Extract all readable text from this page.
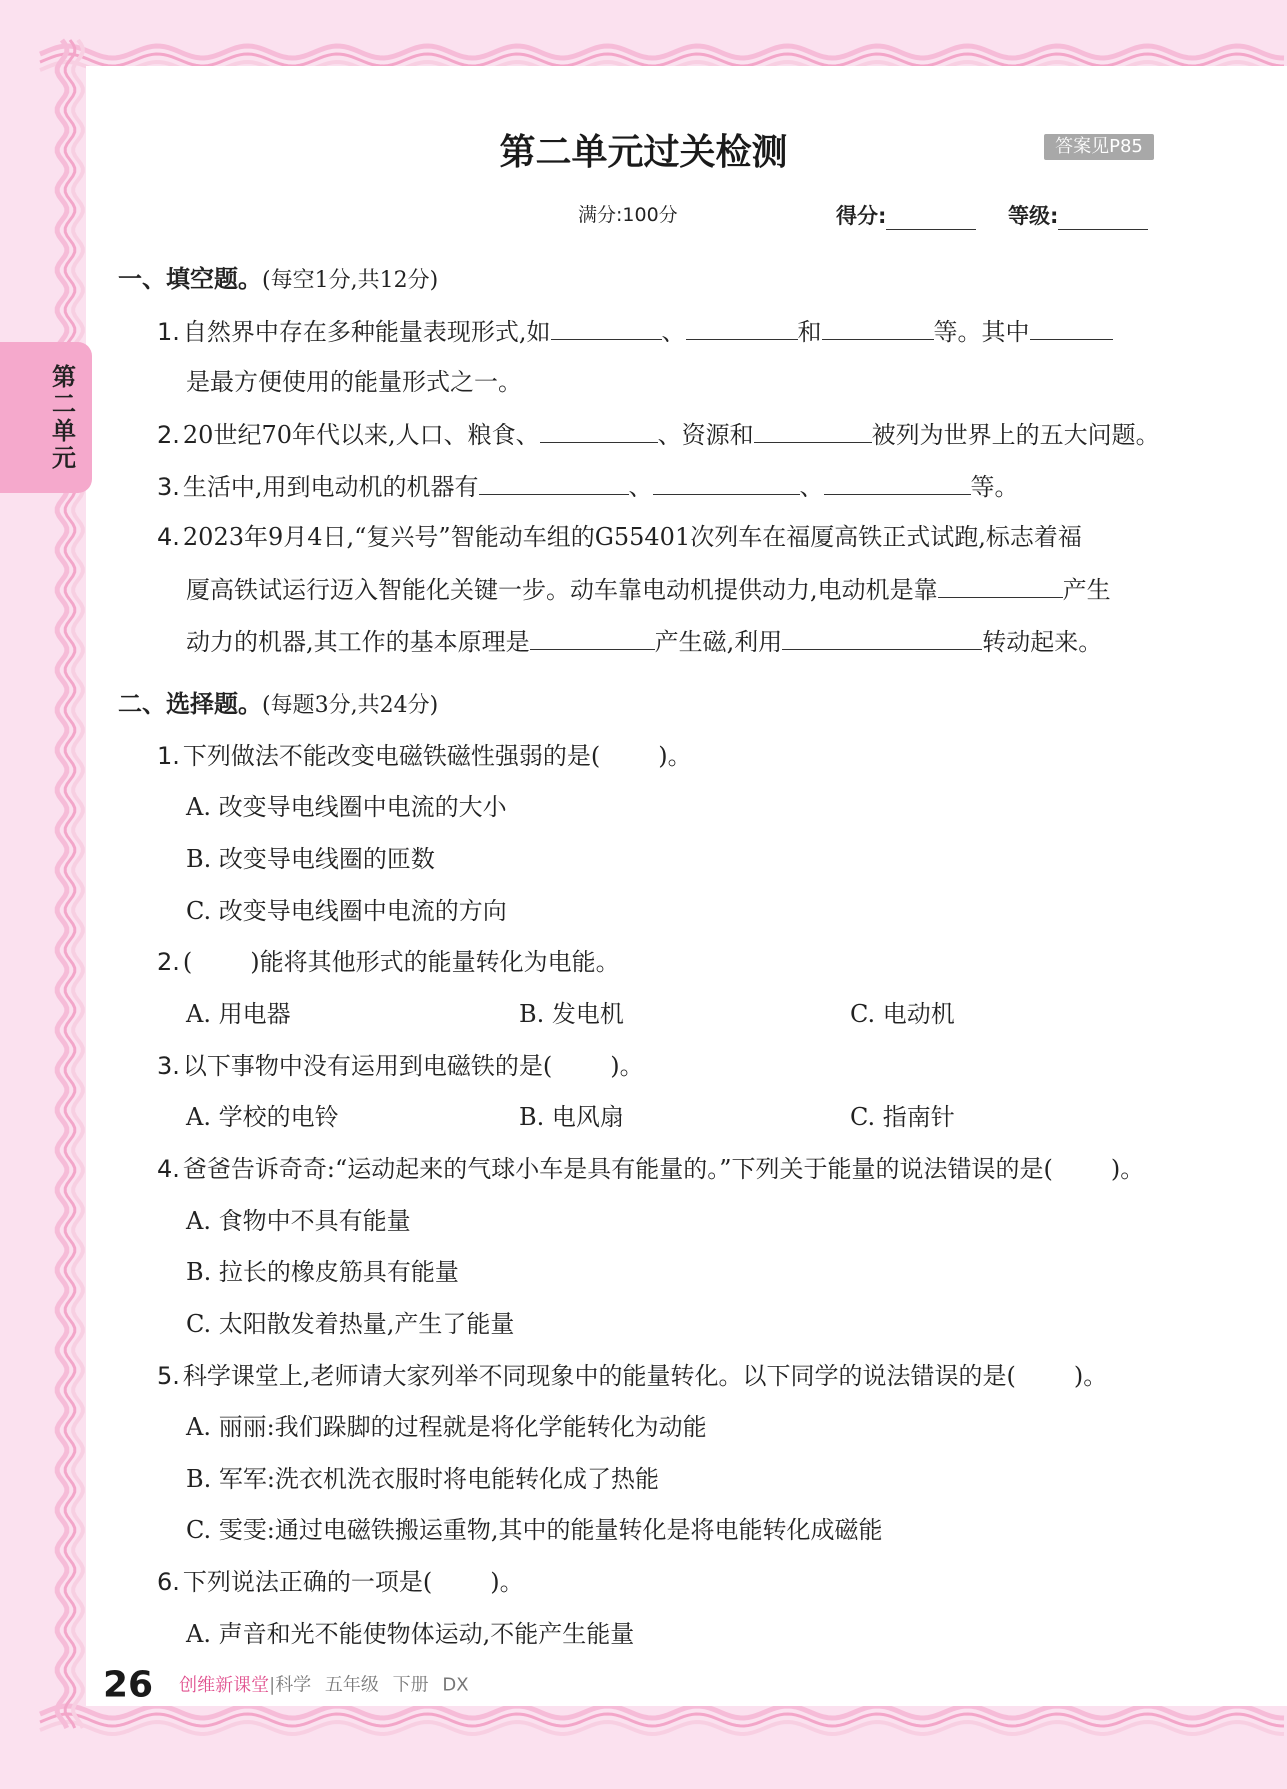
第二单元
第二单元过关检测	答案见P85
满分:100分	得分:	等级:
一、填空题。(每空1分,共12分)
1. 自然界中存在多种能量表现形式,如	、	和	等。其中
是最方便使用的能量形式之一。
2. 20世纪70年代以来,人口、粮食、	、资源和	被列为世界上的五大问题。
3. 生活中,用到电动机的机器有	、	、	等。
4. 2023年9月4日,“复兴号”智能动车组的G55401次列车在福厦高铁正式试跑,标志着福
厦高铁试运行迈入智能化关键一步。动车靠电动机提供动力,电动机是靠	产生
动力的机器,其工作的基本原理是	产生磁,利用	转动起来。
二、选择题。(每题3分,共24分)
1. 下列做法不能改变电磁铁磁性强弱的是( )。
A. 改变导电线圈中电流的大小
B. 改变导电线圈的匝数
C. 改变导电线圈中电流的方向
2. ( )能将其他形式的能量转化为电能。
A. 用电器	B. 发电机	C. 电动机
3. 以下事物中没有运用到电磁铁的是( )。
A. 学校的电铃	B. 电风扇	C. 指南针
4. 爸爸告诉奇奇:“运动起来的气球小车是具有能量的。”下列关于能量的说法错误的是( )。
A. 食物中不具有能量
B. 拉长的橡皮筋具有能量
C. 太阳散发着热量,产生了能量
5. 科学课堂上,老师请大家列举不同现象中的能量转化。以下同学的说法错误的是( )。
A. 丽丽:我们跺脚的过程就是将化学能转化为动能
B. 军军:洗衣机洗衣服时将电能转化成了热能
C. 雯雯:通过电磁铁搬运重物,其中的能量转化是将电能转化成磁能
6. 下列说法正确的一项是( )。
A. 声音和光不能使物体运动,不能产生能量
26 创维新课堂|科学 五年级 下册 DX
